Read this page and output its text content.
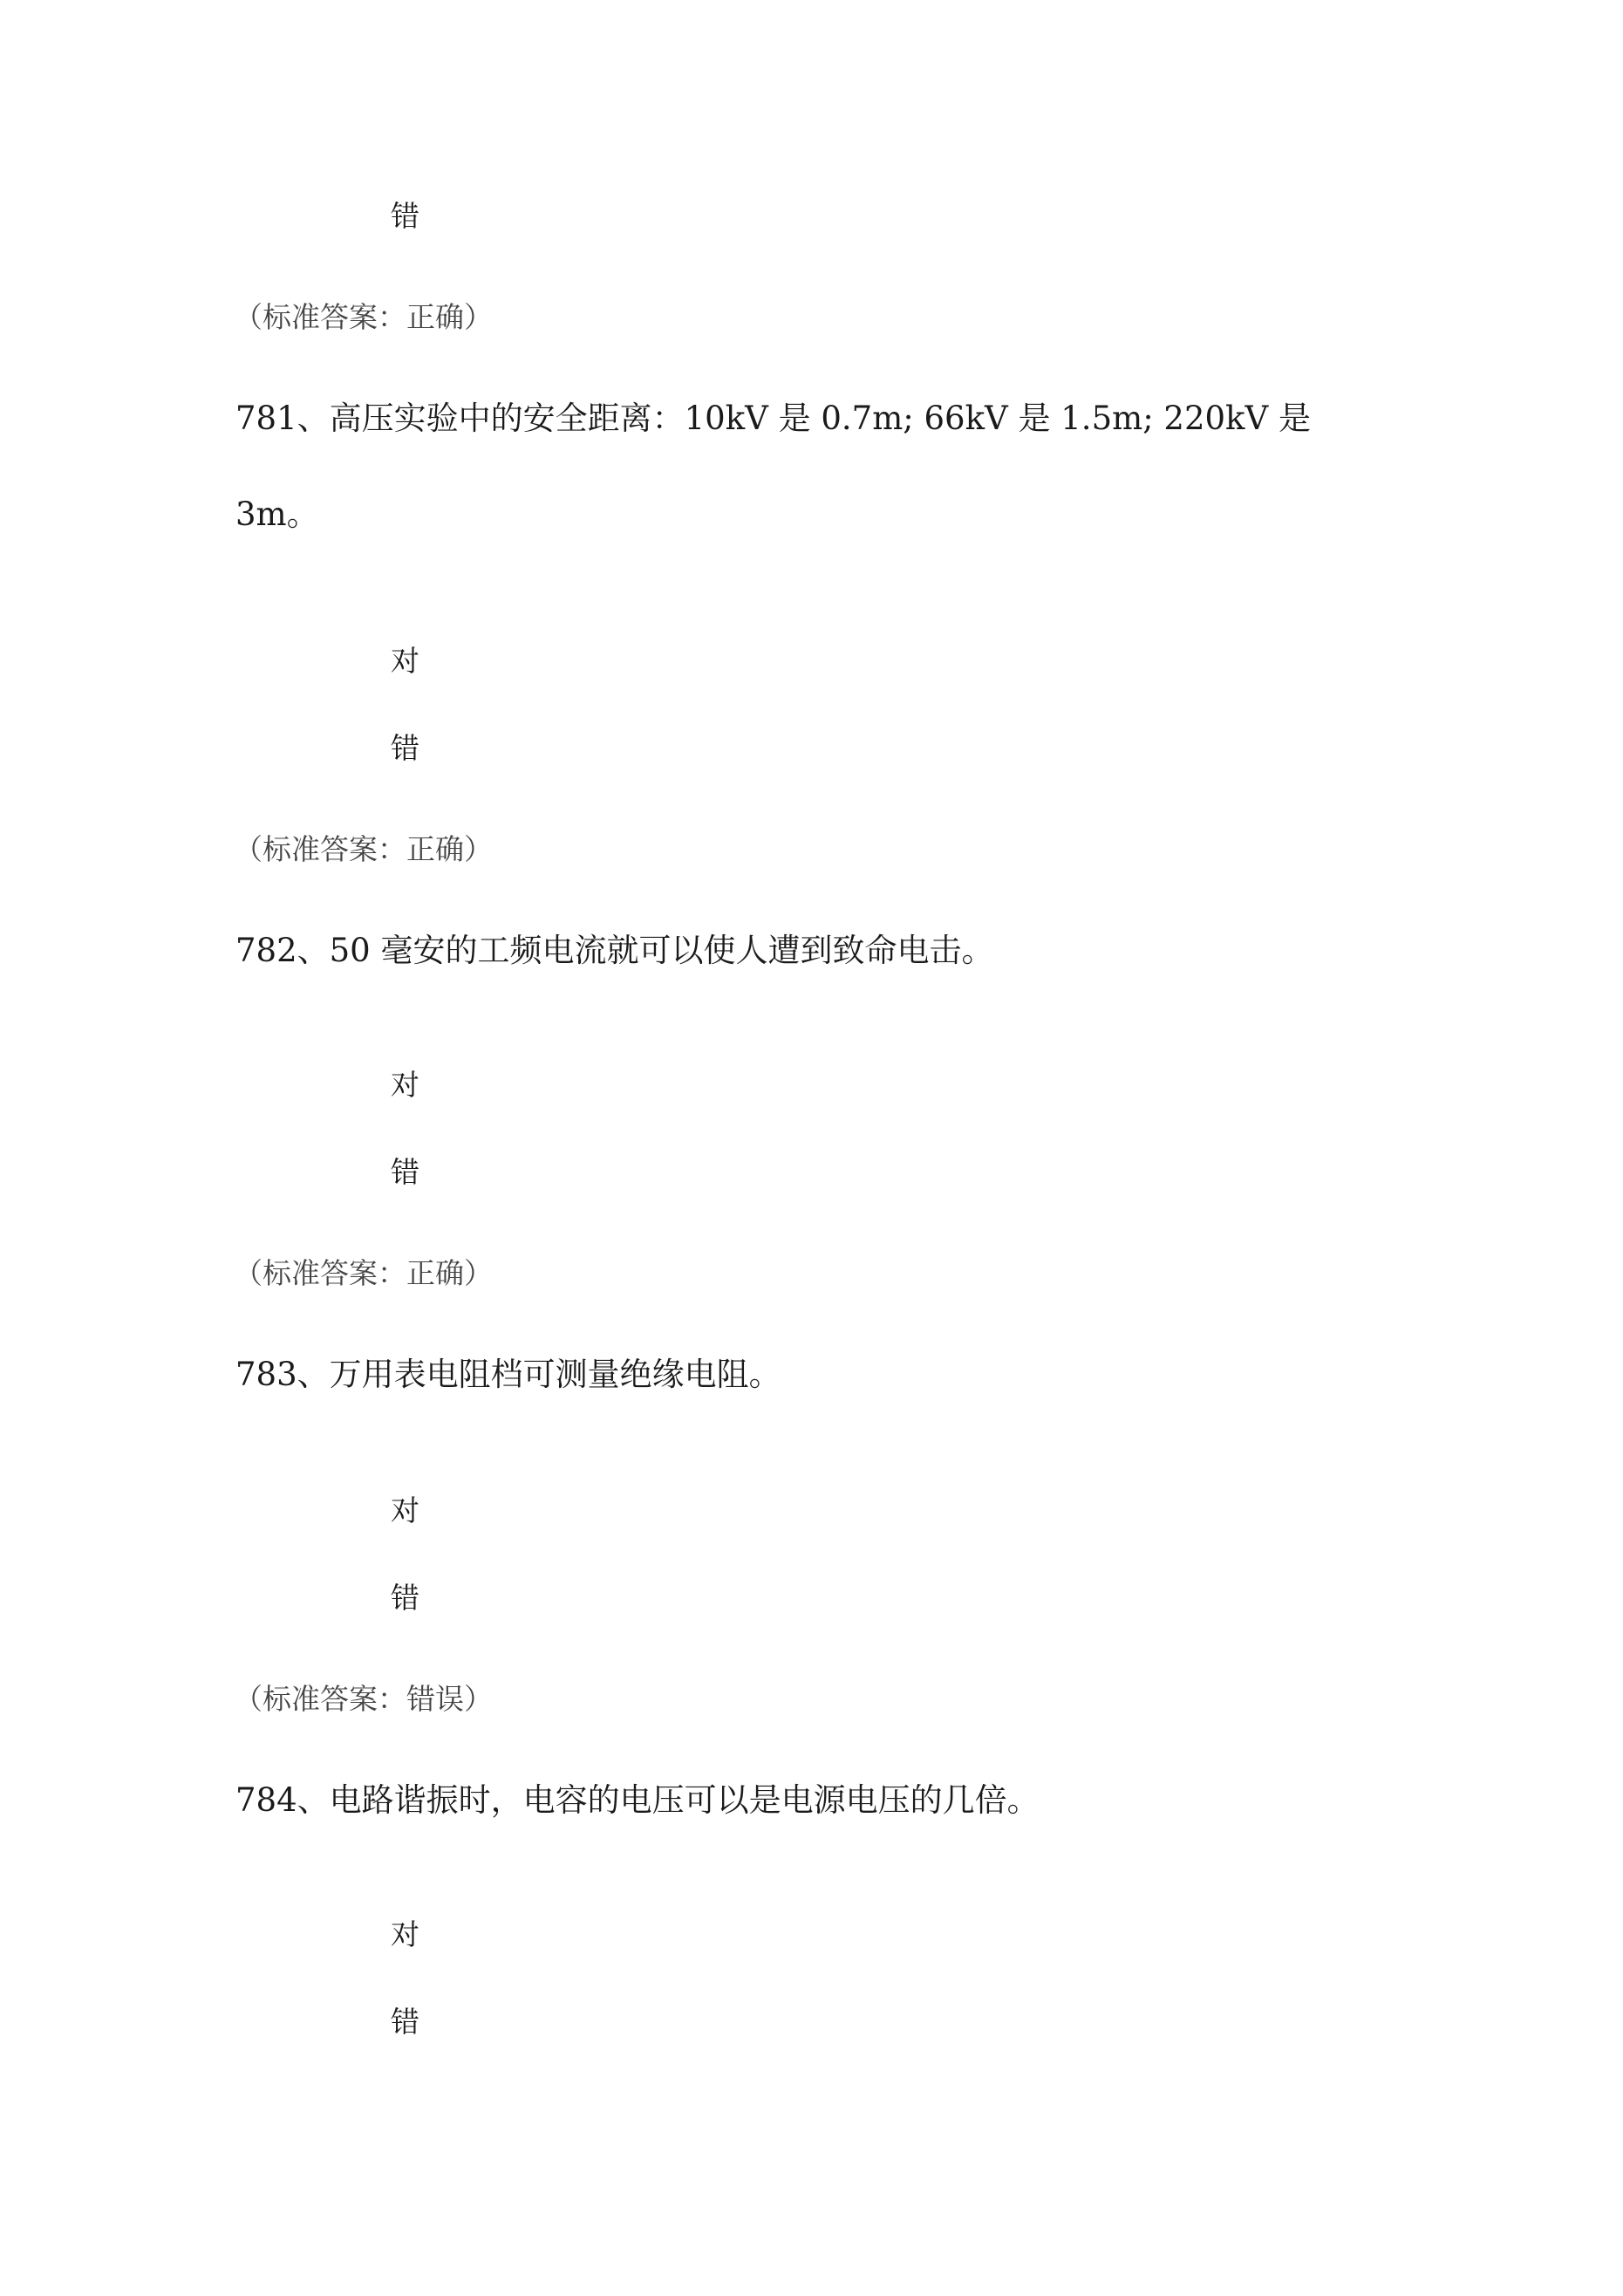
错
（标准答案：正确）
781、高压实验中的安全距离：10kV 是 0.7m; 66kV 是 1.5m; 220kV 是
3m。
对
错
（标准答案：正确）
782、50 毫安的工频电流就可以使人遭到致命电击。
对
错
（标准答案：正确）
783、万用表电阻档可测量绝缘电阻。
对
错
（标准答案：错误）
784、电路谐振时，电容的电压可以是电源电压的几倍。
对
错
